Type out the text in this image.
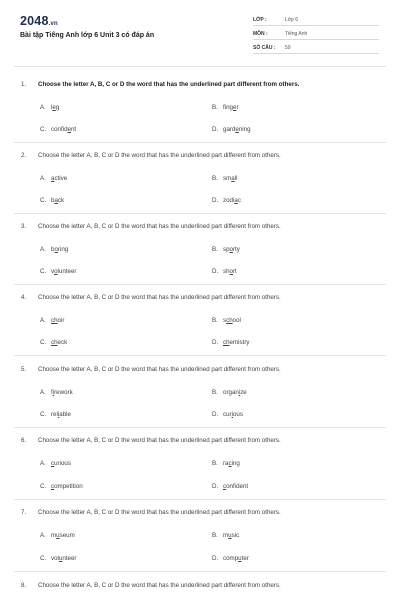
2048.vn
Bài tập Tiếng Anh lớp 6 Unit 3 có đáp án
LỚP :	Lớp 6
MÔN :	Tiếng Anh
SỐ CÂU : 59
1. Choose the letter A, B, C or D the word that has the underlined part different from others.
A. leg	B. finger
C. confident	D. gardening
2. Choose the letter A, B, C or D the word that has the underlined part different from others.
A. active	B. small
C. back	D. zodiac
3. Choose the letter A, B, C or D the word that has the underlined part different from others.
A. boring	B. sporty
C. volunteer	D. short
4. Choose the letter A, B, C or D the word that has the underlined part different from others.
A. choir	B. school
C. check	D. chemistry
5. Choose the letter A, B, C or D the word that has the underlined part different from others.
A. firework	B. organize
C. reliable	D. curious
6. Choose the letter A, B, C or D the word that has the underlined part different from others.
A. curious	B. racing
C. competition	D. confident
7. Choose the letter A, B, C or D the word that has the underlined part different from others.
A. museum	B. music
C. volunteer	D. computer
8. Choose the letter A, B, C or D the word that has the underlined part different from others.
